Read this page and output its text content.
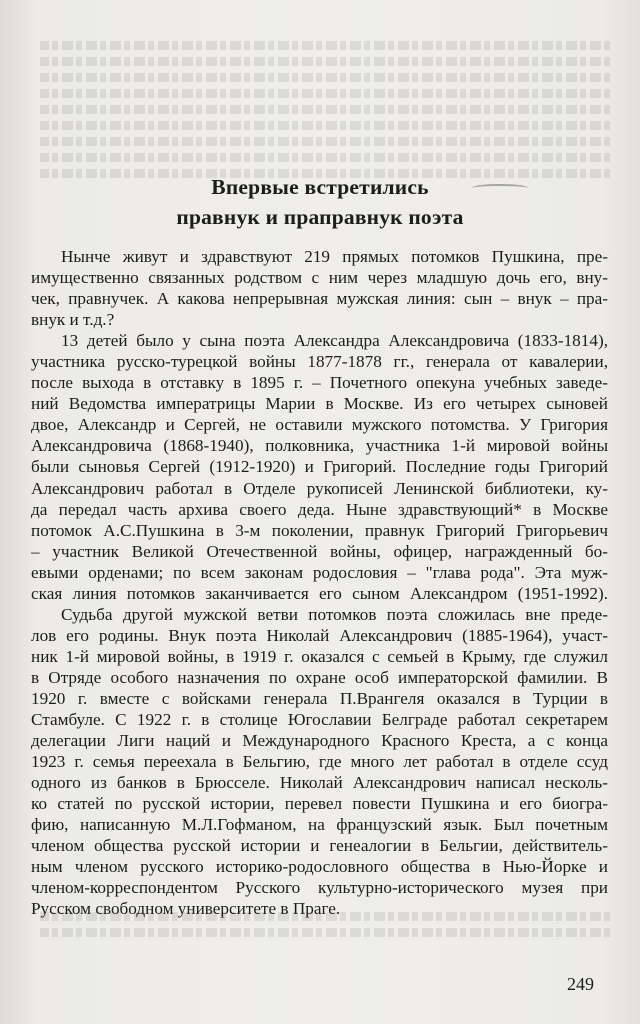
Впервые встретились
правнук и праправнук поэта
Нынче живут и здравствуют 219 прямых потомков Пушкина, пре-
имущественно связанных родством с ним через младшую дочь его, вну-
чек, правнучек. А какова непрерывная мужская линия: сын – внук – пра-
внук и т.д.?
13 детей было у сына поэта Александра Александровича (1833-1814),
участника русско-турецкой войны 1877-1878 гг., генерала от кавалерии,
после выхода в отставку в 1895 г. – Почетного опекуна учебных заведе-
ний Ведомства императрицы Марии в Москве. Из его четырех сыновей
двое, Александр и Сергей, не оставили мужского потомства. У Григория
Александровича (1868-1940), полковника, участника 1-й мировой войны
были сыновья Сергей (1912-1920) и Григорий. Последние годы Григорий
Александрович работал в Отделе рукописей Ленинской библиотеки, ку-
да передал часть архива своего деда. Ныне здравствующий* в Москве
потомок А.С.Пушкина в 3-м поколении, правнук Григорий Григорьевич
– участник Великой Отечественной войны, офицер, награжденный бо-
евыми орденами; по всем законам родословия – "глава рода". Эта муж-
ская линия потомков заканчивается его сыном Александром (1951-1992).
Судьба другой мужской ветви потомков поэта сложилась вне преде-
лов его родины. Внук поэта Николай Александрович (1885-1964), участ-
ник 1-й мировой войны, в 1919 г. оказался с семьей в Крыму, где служил
в Отряде особого назначения по охране особ императорской фамилии. В
1920 г. вместе с войсками генерала П.Врангеля оказался в Турции в
Стамбуле. С 1922 г. в столице Югославии Белграде работал секретарем
делегации Лиги наций и Международного Красного Креста, а с конца
1923 г. семья переехала в Бельгию, где много лет работал в отделе ссуд
одного из банков в Брюсселе. Николай Александрович написал несколь-
ко статей по русской истории, перевел повести Пушкина и его биогра-
фию, написанную М.Л.Гофманом, на французский язык. Был почетным
членом общества русской истории и генеалогии в Бельгии, действитель-
ным членом русского историко-родословного общества в Нью-Йорке и
членом-корреспондентом Русского культурно-исторического музея при
Русском свободном университете в Праге.
249
